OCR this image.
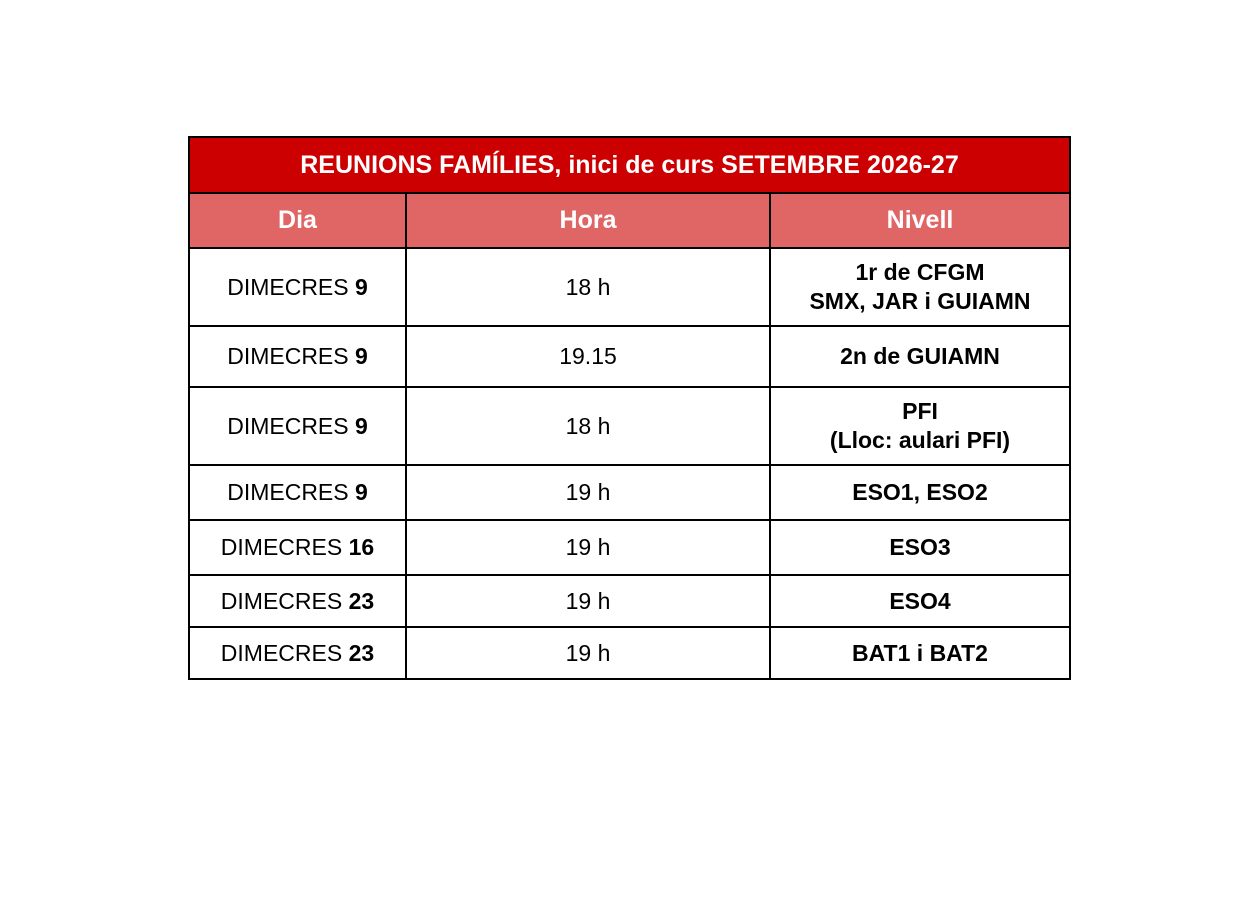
REUNIONS FAMÍLIES, inici de curs SETEMBRE 2026-27		
Dia	Hora	Nivell
DIMECRES 9	18 h	1r de CFGM
SMX, JAR i GUIAMN

DIMECRES 9	19.15	2n de GUIAMN

DIMECRES 9	18 h	PFI
(Lloc: aulari PFI)

DIMECRES 9	19 h	ESO1, ESO2

DIMECRES 16	19 h	ESO3

DIMECRES 23	19 h	ESO4

DIMECRES 23	19 h	BAT1 i BAT2
